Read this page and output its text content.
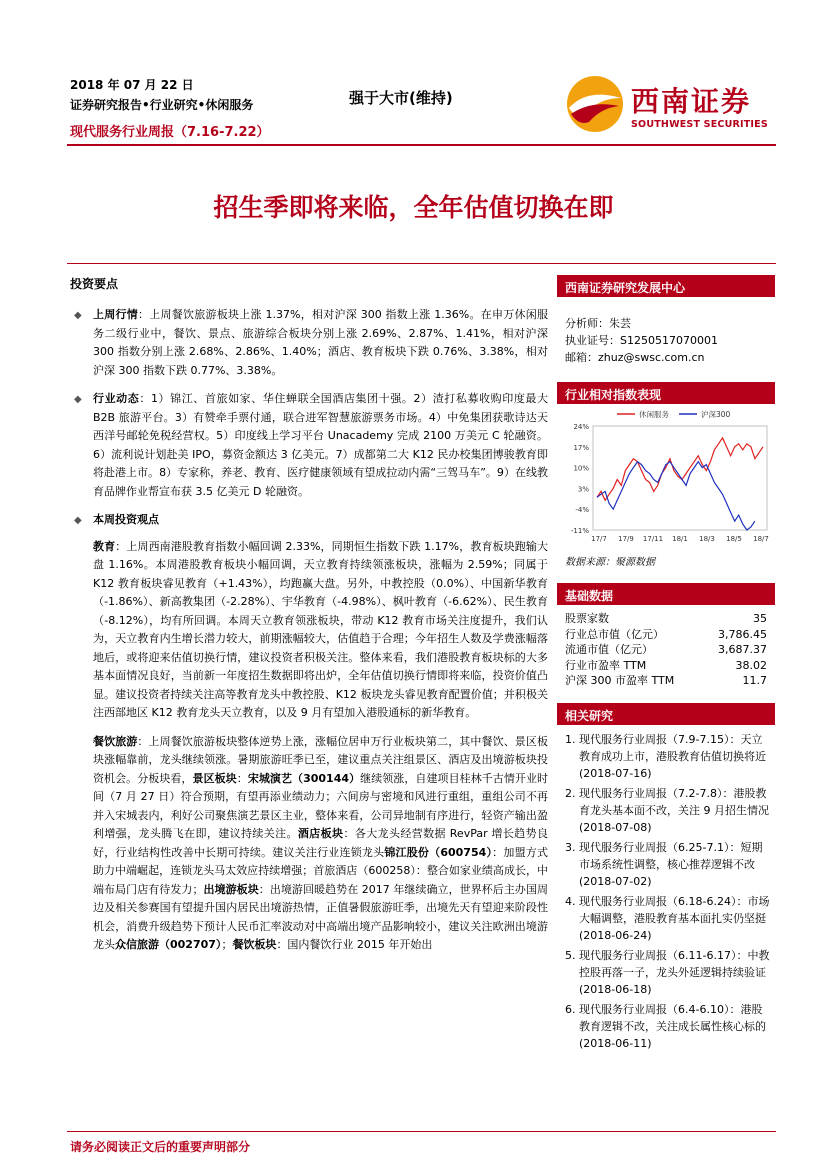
2018 年 07 月 22 日
证券研究报告•行业研究•休闲服务
现代服务行业周报（7.16-7.22）
强于大市(维持)	西南证券
SOUTHWEST SECURITIES
招生季即将来临，全年估值切换在即
投资要点
◆ 上周行情：上周餐饮旅游板块上涨 1.37%，相对沪深 300 指数上涨 1.36%。在申万休闲服务二级行业中，餐饮、景点、旅游综合板块分别上涨 2.69%、2.87%、1.41%，相对沪深 300 指数分别上涨 2.68%、2.86%、1.40%；酒店、教育板块下跌 0.76%、3.38%，相对沪深 300 指数下跌 0.77%、3.38%。
◆ 行业动态：1）锦江、首旅如家、华住蝉联全国酒店集团十强。2）渣打私募收购印度最大 B2B 旅游平台。3）有赞牵手票付通，联合进军智慧旅游票务市场。4）中免集团获歌诗达天西洋号邮轮免税经营权。5）印度线上学习平台 Unacademy 完成 2100 万美元 C 轮融资。6）流利说计划赴美 IPO，募资金额达 3 亿美元。7）成都第二大 K12 民办校集团博骏教育即将赴港上市。8）专家称，养老、教育、医疗健康领域有望成拉动内需“三驾马车”。9）在线教育品牌作业帮宣布获 3.5 亿美元 D 轮融资。
◆ 本周投资观点
教育：上周西南港股教育指数小幅回调 2.33%，同期恒生指数下跌 1.17%，教育板块跑输大盘 1.16%。本周港股教育板块小幅回调，天立教育持续领涨板块，涨幅为 2.59%；同属于 K12 教育板块睿见教育（+1.43%），均跑赢大盘。另外，中教控股（0.0%）、中国新华教育（-1.86%）、新高教集团（-2.28%）、宇华教育（-4.98%）、枫叶教育（-6.62%）、民生教育（-8.12%），均有所回调。本周天立教育领涨板块，带动 K12 教育市场关注度提升，我们认为，天立教育内生增长潜力较大，前期涨幅较大，估值趋于合理；今年招生人数及学费涨幅落地后，或将迎来估值切换行情，建议投资者积极关注。整体来看，我们港股教育板块标的大多基本面情况良好，当前新一年度招生数据即将出炉，全年估值切换行情即将来临，投资价值凸显。建议投资者持续关注高等教育龙头中教控股、K12 板块龙头睿见教育配置价值；并积极关注西部地区 K12 教育龙头天立教育，以及 9 月有望加入港股通标的新华教育。
餐饮旅游：上周餐饮旅游板块整体逆势上涨，涨幅位居申万行业板块第二，其中餐饮、景区板块涨幅靠前，龙头继续领涨。暑期旅游旺季已至，建议重点关注组景区、酒店及出境游板块投资机会。分板块看，景区板块：宋城演艺（300144）继续领涨，自建项目桂林千古情开业时间（7 月 27 日）符合预期，有望再添业绩动力；六间房与密境和风进行重组，重组公司不再并入宋城表内，利好公司聚焦演艺景区主业，整体来看，公司异地制有序进行，轻资产输出盈利增强，龙头腾飞在即，建议持续关注。酒店板块：各大龙头经营数据 RevPar 增长趋势良好，行业结构性改善中长期可持续。建议关注行业连锁龙头锦江股份（600754）：加盟方式助力中端崛起，连锁龙头马太效应持续增强；首旅酒店（600258）：整合如家业绩高成长，中端布局门店有待发力；出境游板块：出境游回暖趋势在 2017 年继续确立，世界杯后主办国周边及相关参赛国有望提升国内居民出境游热情，正值暑假旅游旺季，出境先天有望迎来阶段性机会，消费升级趋势下预计人民币汇率波动对中高端出境产品影响较小，建议关注欧洲出境游龙头众信旅游（002707）；餐饮板块：国内餐饮行业 2015 年开始出
西南证券研究发展中心
分析师：朱芸
执业证号：S1250517070001
邮箱：zhuz@swsc.com.cn
行业相对指数表现
24%
17%
10%
3%
-4%
-11%
17/7 17/9 17/11 18/1 18/3 18/5 18/7
休闲服务	沪深300
数据来源：聚源数据
基础数据
股票家数	35
行业总市值（亿元）	3,786.45
流通市值（亿元）	3,687.37
行业市盈率 TTM	38.02
沪深 300 市盈率 TTM	11.7
相关研究
1. 现代服务行业周报（7.9-7.15）：天立教育成功上市，港股教育估值切换将近
(2018-07-16)
2. 现代服务行业周报（7.2-7.8）：港股教育龙头基本面不改，关注 9 月招生情况
(2018-07-08)
3. 现代服务行业周报（6.25-7.1）：短期市场系统性调整，核心推荐逻辑不改
(2018-07-02)
4. 现代服务行业周报（6.18-6.24）：市场大幅调整，港股教育基本面扎实仍坚挺
(2018-06-24)
5. 现代服务行业周报（6.11-6.17）：中教控股再落一子，龙头外延逻辑持续验证
(2018-06-18)
6. 现代服务行业周报（6.4-6.10）：港股教育逻辑不改，关注成长属性核心标的
(2018-06-11)
请务必阅读正文后的重要声明部分
